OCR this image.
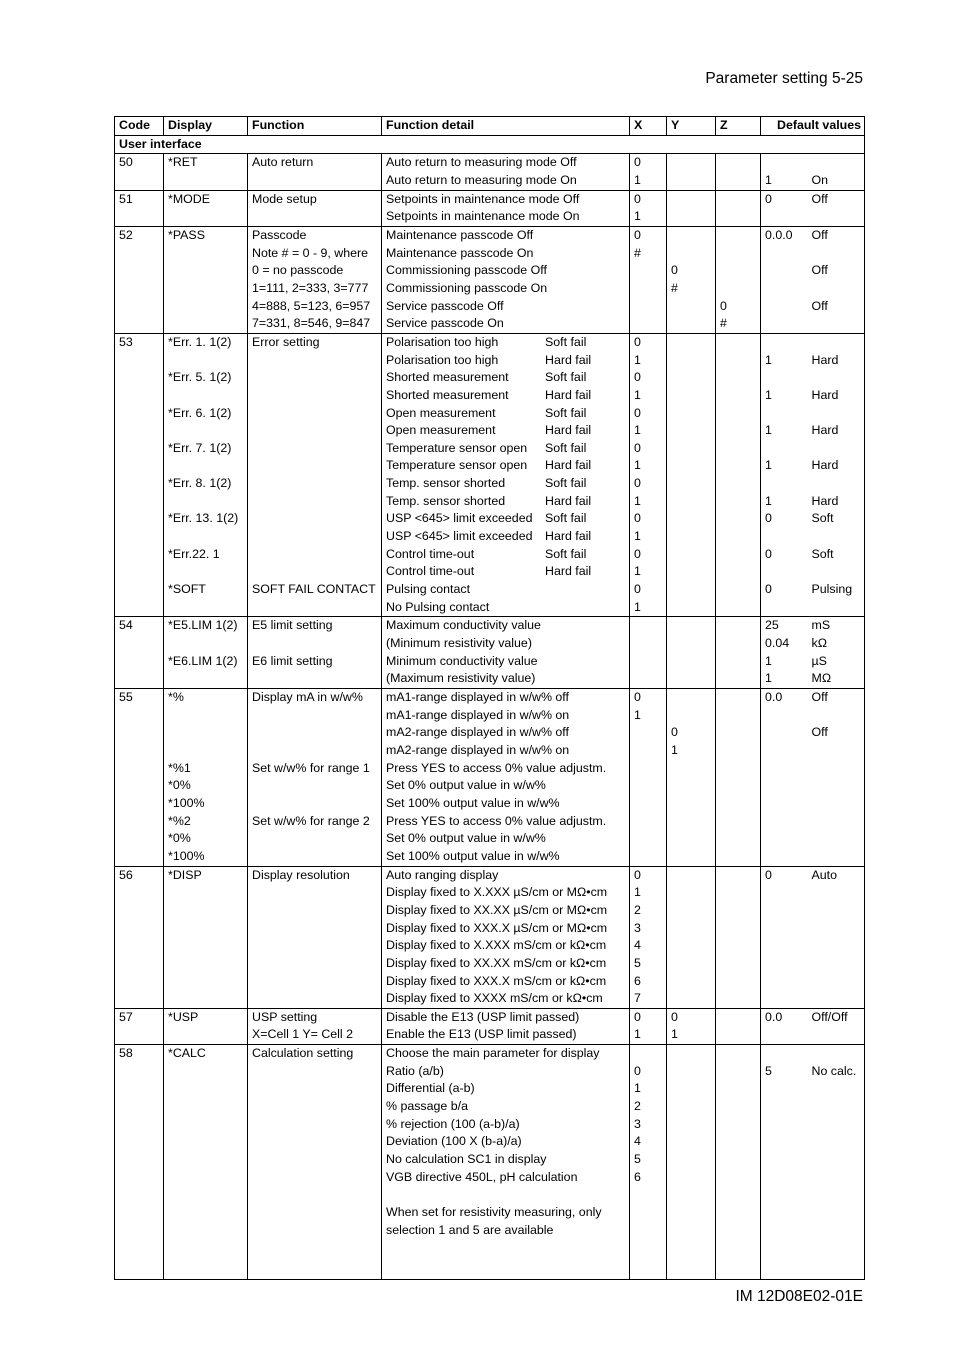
Parameter setting 5-25
Code	Display	Function	Function detail	X	Y	Z	Default values	
User interface								
50	*RET	Auto return	Auto return to measuring mode Off	0				
			Auto return to measuring mode On	1			1	On
51	*MODE	Mode setup	Setpoints in maintenance mode Off	0			0	Off
			Setpoints in maintenance mode On	1				
52	*PASS	Passcode	Maintenance passcode Off	0			0.0.0	Off
		Note # = 0 - 9, where	Maintenance passcode On	#				
		0 = no passcode	Commissioning passcode Off		0			Off
		1=111, 2=333, 3=777	Commissioning passcode On		#			
		4=888, 5=123, 6=957	Service passcode Off			0		Off
		7=331, 8=546, 9=847	Service passcode On			#		
53	*Err. 1. 1(2)	Error setting	Polarisation too high Soft fail	0				
			Polarisation too high Hard fail	1			1	Hard
	*Err. 5. 1(2)		Shorted measurement Soft fail	0				
			Shorted measurement Hard fail	1			1	Hard
	*Err. 6. 1(2)		Open measurement Soft fail	0				
			Open measurement Hard fail	1			1	Hard
	*Err. 7. 1(2)		Temperature sensor open Soft fail	0				
			Temperature sensor open Hard fail	1			1	Hard
	*Err. 8. 1(2)		Temp. sensor shorted Soft fail	0				
			Temp. sensor shorted Hard fail	1			1	Hard
	*Err. 13. 1(2)		USP <645> limit exceeded Soft fail	0			0	Soft
			USP <645> limit exceeded Hard fail	1				
	*Err.22. 1		Control time-out Soft fail	0			0	Soft
			Control time-out Hard fail	1				
	*SOFT	SOFT FAIL CONTACT	Pulsing contact	0			0	Pulsing
			No Pulsing contact	1				
54	*E5.LIM 1(2)	E5 limit setting	Maximum conductivity value				25	mS
			(Minimum resistivity value)				0.04	kΩ
	*E6.LIM 1(2)	E6 limit setting	Minimum conductivity value				1	µS
			(Maximum resistivity value)				1	MΩ
55	*%	Display mA in w/w%	mA1-range displayed in w/w% off	0			0.0	Off
			mA1-range displayed in w/w% on	1				
			mA2-range displayed in w/w% off		0			Off
			mA2-range displayed in w/w% on		1			
	*%1	Set w/w% for range 1	Press YES to access 0% value adjustm.					
	*0%		Set 0% output value in w/w%					
	*100%		Set 100% output value in w/w%					
	*%2	Set w/w% for range 2	Press YES to access 0% value adjustm.					
	*0%		Set 0% output value in w/w%					
	*100%		Set 100% output value in w/w%					
56	*DISP	Display resolution	Auto ranging display	0			0	Auto
			Display fixed to X.XXX µS/cm or MΩ•cm	1				
			Display fixed to XX.XX µS/cm or MΩ•cm	2				
			Display fixed to XXX.X µS/cm or MΩ•cm	3				
			Display fixed to X.XXX mS/cm or kΩ•cm	4				
			Display fixed to XX.XX mS/cm or kΩ•cm	5				
			Display fixed to XXX.X mS/cm or kΩ•cm	6				
			Display fixed to XXXX mS/cm or kΩ•cm	7				
57	*USP	USP setting	Disable the E13 (USP limit passed)	0	0		0.0	Off/Off
		X=Cell 1 Y= Cell 2	Enable the E13 (USP limit passed)	1	1			
58	*CALC	Calculation setting	Choose the main parameter for display					
			Ratio (a/b)	0			5	No calc.
			Differential (a-b)	1				
			% passage b/a	2				
			% rejection (100 (a-b)/a)	3				
			Deviation (100 X (b-a)/a)	4				
			No calculation SC1 in display	5				
			VGB directive 450L, pH calculation	6				

			When set for resistivity measuring, only					
			selection 1 and 5 are available					

IM 12D08E02-01E
